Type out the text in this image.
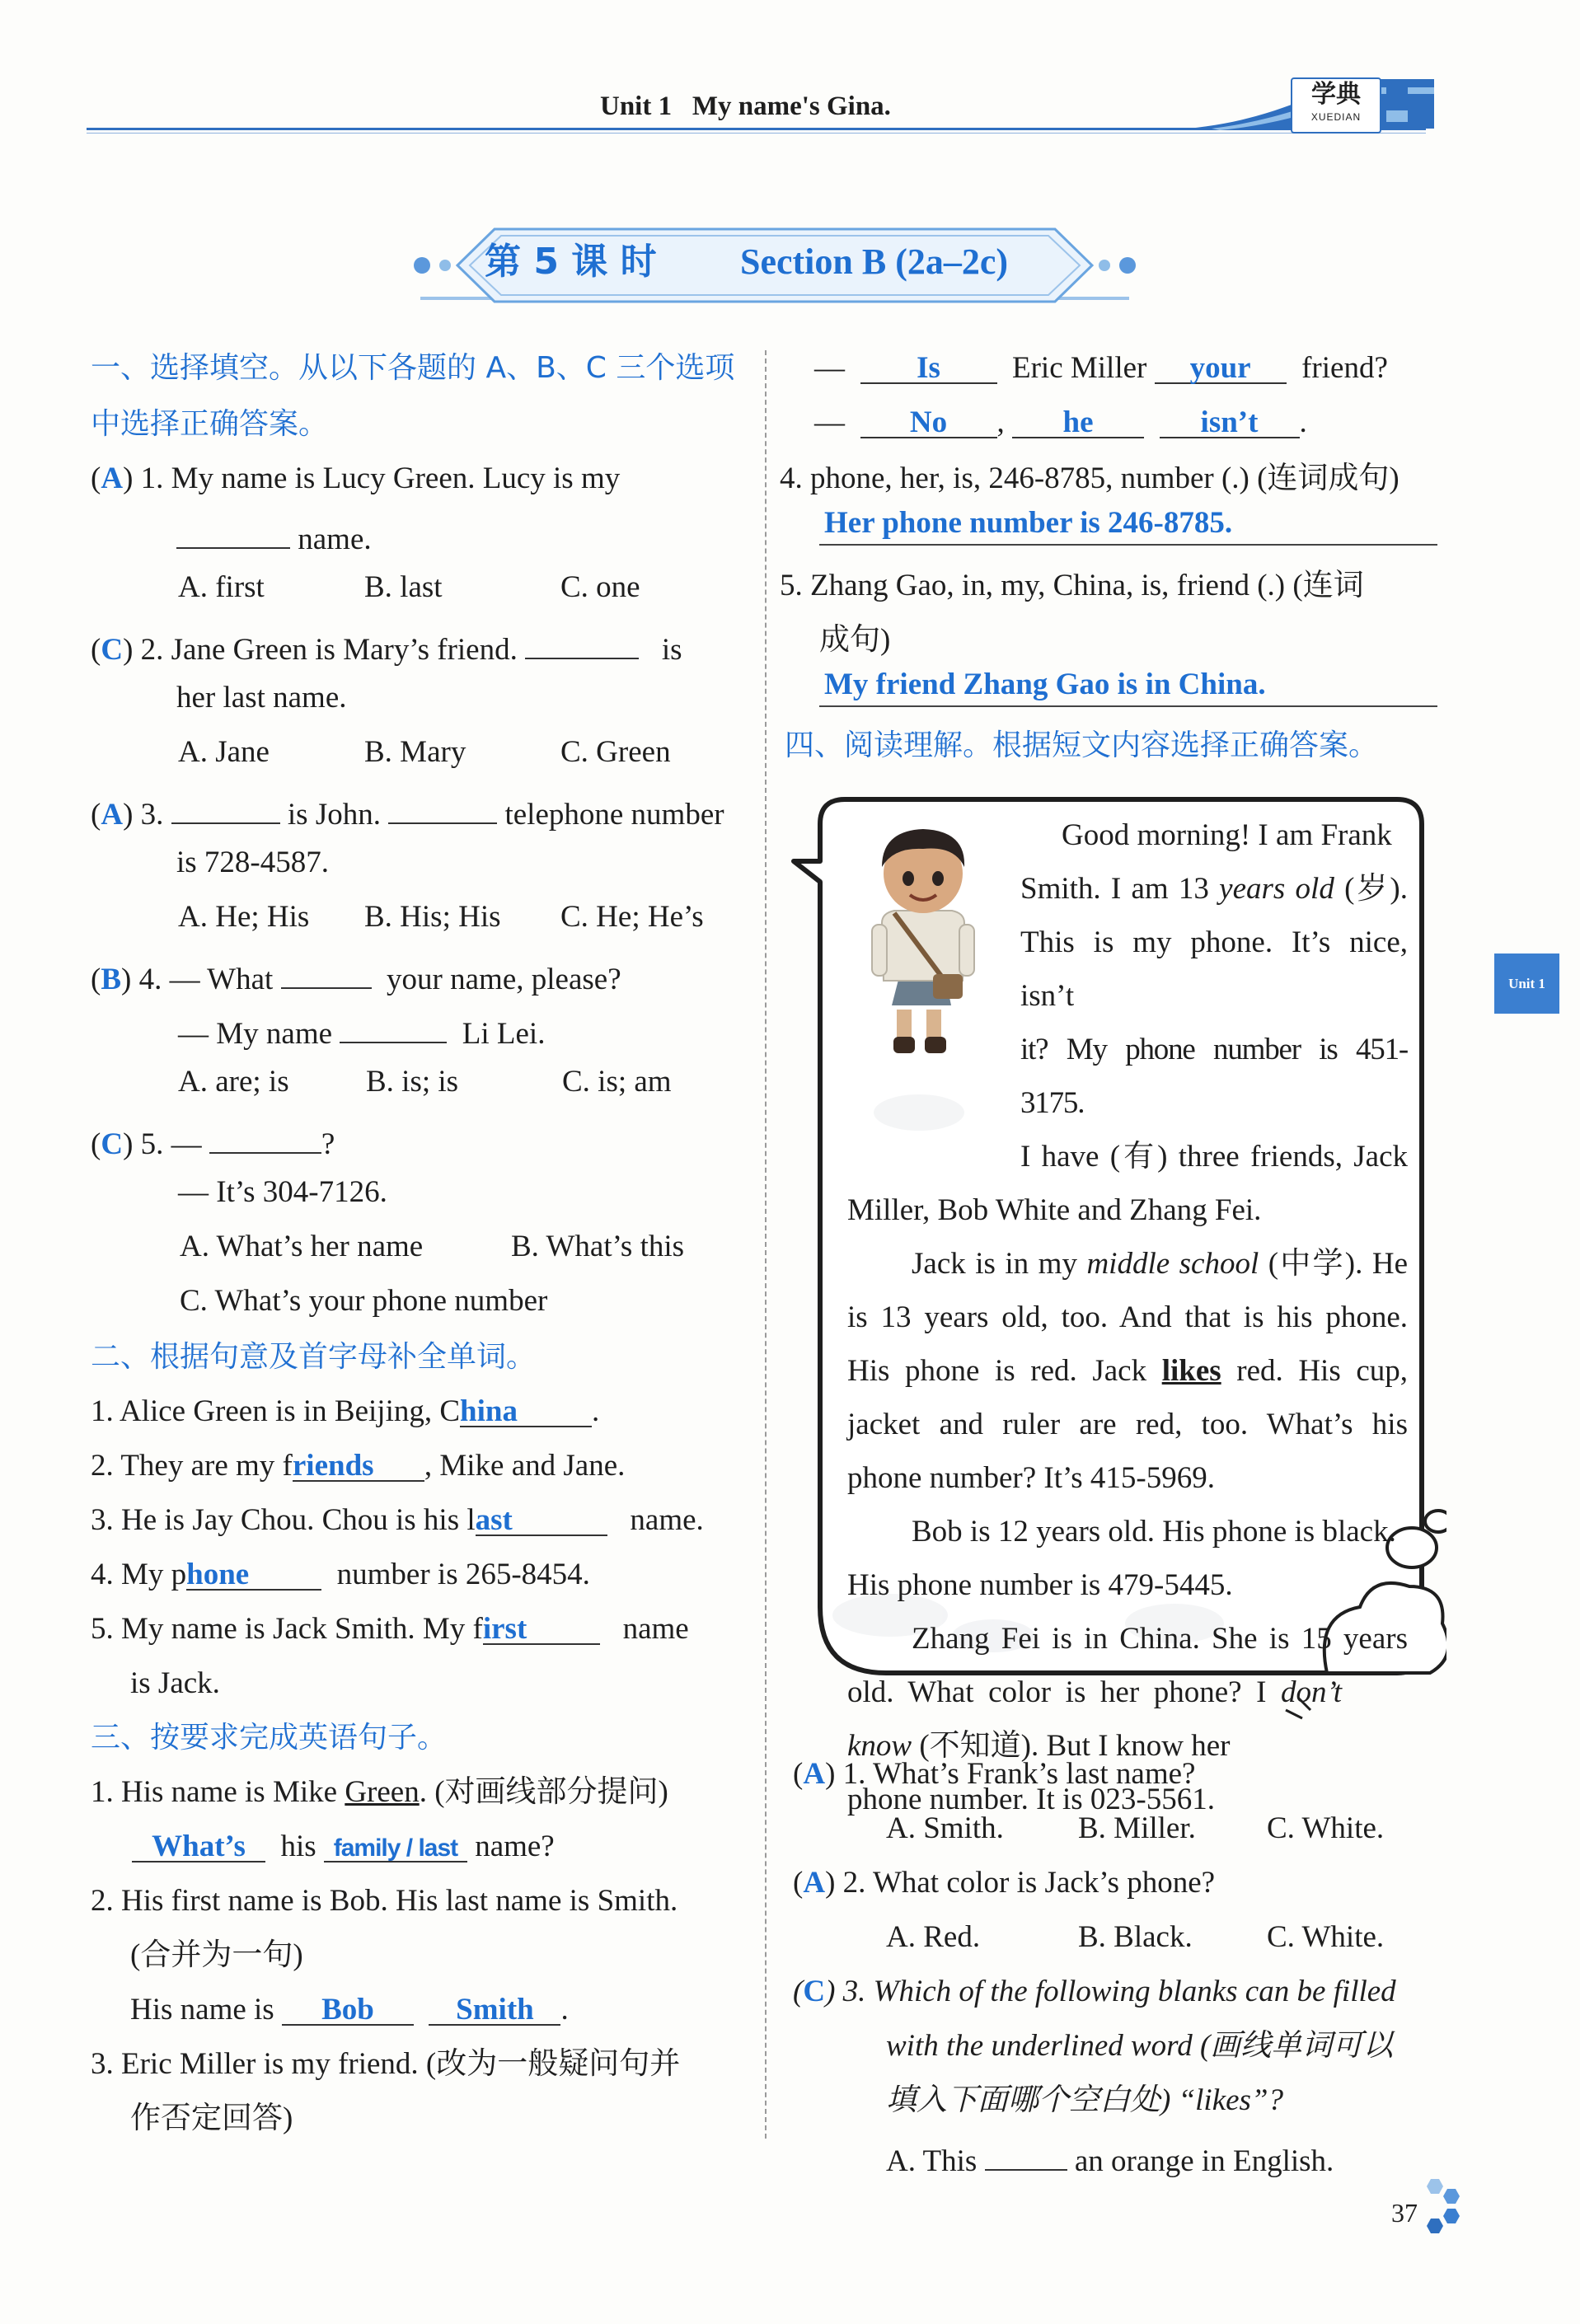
Unit 1 My name's Gina.	学典
XUEDIAN
第 5 课 时 Section B (2a–2c)
一、选择填空。从以下各题的 A、B、C 三个选项
中选择正确答案。
(A) 1. My name is Lucy Green. Lucy is my
name.
A. first	B. last	C. one
(C) 2. Jane Green is Mary’s friend.	is
her last name.
A. Jane	B. Mary	C. Green
(A) 3.	is John.	telephone number
is 728-4587.
A. He; His B. His; His C. He; He’s
(B) 4. — What	your name, please?
— My name	Li Lei.
A. are; is	B. is; is	C. is; am
(C) 5. —	?
— It’s 304-7126.
A. What’s her name	B. What’s this
C. What’s your phone number
二、根据句意及首字母补全单词。
1. Alice Green is in Beijing, China .
2. They are my friends , Mike and Jane.
3. He is Jay Chou. Chou is his last	name.
4. My phone	number is 265-8454.
5. My name is Jack Smith. My first	name
is Jack.
三、按要求完成英语句子。
1. His name is Mike Green. (对画线部分提问)
What’s his family / last name?
2. His first name is Bob. His last name is Smith.
(合并为一句)
His name is Bob	Smith .
3. Eric Miller is my friend. (改为一般疑问句并
作否定回答)
— Is Eric Miller your friend?
— No , he	isn’t .
4. phone, her, is, 246-8785, number (.) (连词成句)
Her phone number is 246-8785.
5. Zhang Gao, in, my, China, is, friend (.) (连词
成句)
My friend Zhang Gao is in China.
四、阅读理解。根据短文内容选择正确答案。

Good morning! I am Frank

Smith. I am 13 years old (岁).

This is my phone. It’s nice, isn’t

it? My phone number is 451-3175.

I have (有) three friends, Jack

Miller, Bob White and Zhang Fei.

Jack is in my middle school (中学). He

is 13 years old, too. And that is his phone.

His phone is red. Jack likes red. His cup,

jacket and ruler are red, too. What’s his

phone number? It’s 415-5969.

Bob is 12 years old. His phone is black.

His phone number is 479-5445.

Zhang Fei is in China. She is 15 years

old. What color is her phone? I don’t

know (不知道). But I know her

phone number. It is 023-5561.

(A) 1. What’s Frank’s last name?
A. Smith. B. Miller. C. White.
(A) 2. What color is Jack’s phone?
A. Red.	B. Black. C. White.
(C) 3. Which of the following blanks can be filled
with the underlined word (画线单词可以
填入下面哪个空白处) “likes”?
A. This	an orange in English.
Unit 1
37
